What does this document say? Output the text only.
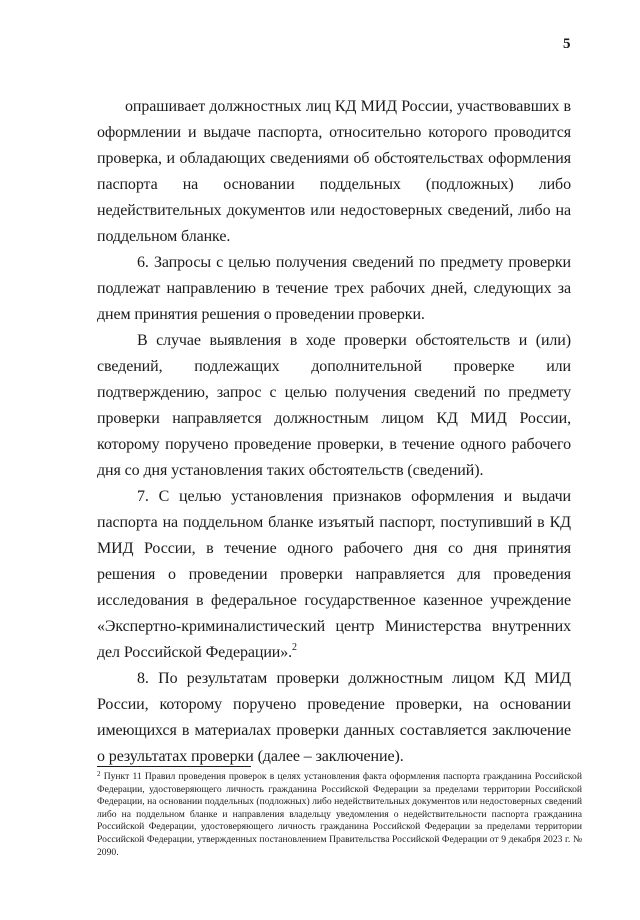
5

опрашивает должностных лиц КД МИД России, участвовавших в оформлении и выдаче паспорта, относительно которого проводится проверка, и обладающих сведениями об обстоятельствах оформления паспорта на основании поддельных (подложных) либо недействительных документов или недостоверных сведений, либо на поддельном бланке.

6. Запросы с целью получения сведений по предмету проверки подлежат направлению в течение трех рабочих дней, следующих за днем принятия решения о проведении проверки.

В случае выявления в ходе проверки обстоятельств и (или) сведений, подлежащих дополнительной проверке или подтверждению, запрос с целью получения сведений по предмету проверки направляется должностным лицом КД МИД России, которому поручено проведение проверки, в течение одного рабочего дня со дня установления таких обстоятельств (сведений).

7. С целью установления признаков оформления и выдачи паспорта на поддельном бланке изъятый паспорт, поступивший в КД МИД России, в течение одного рабочего дня со дня принятия решения о проведении проверки направляется для проведения исследования в федеральное государственное казенное учреждение «Экспертно-криминалистический центр Министерства внутренних дел Российской Федерации».$^2$

8. По результатам проверки должностным лицом КД МИД России, которому поручено проведение проверки, на основании имеющихся в материалах проверки данных составляется заключение о результатах проверки (далее – заключение).

$^2$ Пункт 11 Правил проведения проверок в целях установления факта оформления паспорта гражданина Российской Федерации, удостоверяющего личность гражданина Российской Федерации за пределами территории Российской Федерации, на основании поддельных (подложных) либо недействительных документов или недостоверных сведений либо на поддельном бланке и направления владельцу уведомления о недействительности паспорта гражданина Российской Федерации, удостоверяющего личность гражданина Российской Федерации за пределами территории Российской Федерации, утвержденных постановлением Правительства Российской Федерации от 9 декабря 2023 г. № 2090.
